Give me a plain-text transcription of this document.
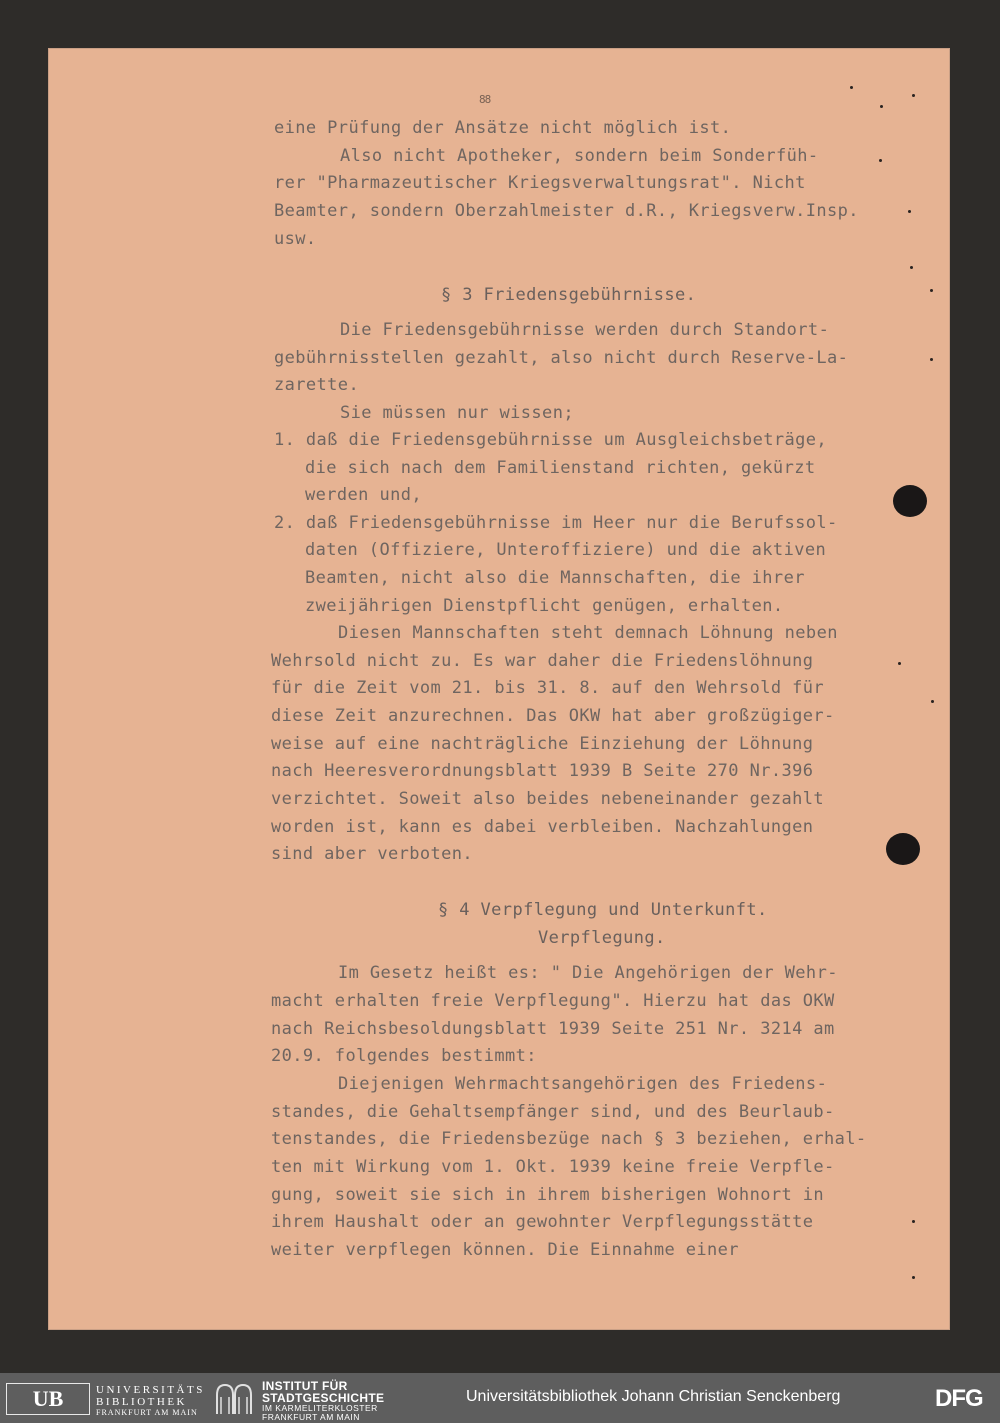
88
eine Prüfung der Ansätze nicht möglich ist.
Also nicht Apotheker, sondern beim Sonderfüh-
rer "Pharmazeutischer Kriegsverwaltungsrat". Nicht
Beamter, sondern Oberzahlmeister d.R., Kriegsverw.Insp.
usw.
§ 3 Friedensgebührnisse.
Die Friedensgebührnisse werden durch Standort-
gebührnisstellen gezahlt, also nicht durch Reserve-La-
zarette.
Sie müssen nur wissen;
1. daß die Friedensgebührnisse um Ausgleichsbeträge,
die sich nach dem Familienstand richten, gekürzt
werden und,
2. daß Friedensgebührnisse im Heer nur die Berufssol-
daten (Offiziere, Unteroffiziere) und die aktiven
Beamten, nicht also die Mannschaften, die ihrer
zweijährigen Dienstpflicht genügen, erhalten.
Diesen Mannschaften steht demnach Löhnung neben
Wehrsold nicht zu. Es war daher die Friedenslöhnung
für die Zeit vom 21. bis 31. 8. auf den Wehrsold für
diese Zeit anzurechnen. Das OKW hat aber großzügiger-
weise auf eine nachträgliche Einziehung der Löhnung
nach Heeresverordnungsblatt 1939 B Seite 270 Nr.396
verzichtet. Soweit also beides nebeneinander gezahlt
worden ist, kann es dabei verbleiben. Nachzahlungen
sind aber verboten.
§ 4 Verpflegung und Unterkunft.
Verpflegung.
Im Gesetz heißt es: " Die Angehörigen der Wehr-
macht erhalten freie Verpflegung". Hierzu hat das OKW
nach Reichsbesoldungsblatt 1939 Seite 251 Nr. 3214 am
20.9. folgendes bestimmt:
Diejenigen Wehrmachtsangehörigen des Friedens-
standes, die Gehaltsempfänger sind, und des Beurlaub-
tenstandes, die Friedensbezüge nach § 3 beziehen, erhal-
ten mit Wirkung vom 1. Okt. 1939 keine freie Verpfle-
gung, soweit sie sich in ihrem bisherigen Wohnort in
ihrem Haushalt oder an gewohnter Verpflegungsstätte
weiter verpflegen können. Die Einnahme einer
UB	UNIVERSITÄTS
BIBLIOTHEK
FRANKFURT AM MAIN
INSTITUT FÜR
STADTGESCHICHTE
IM KARMELITERKLOSTER
FRANKFURT AM MAIN
Universitätsbibliothek Johann Christian Senckenberg	DFG
